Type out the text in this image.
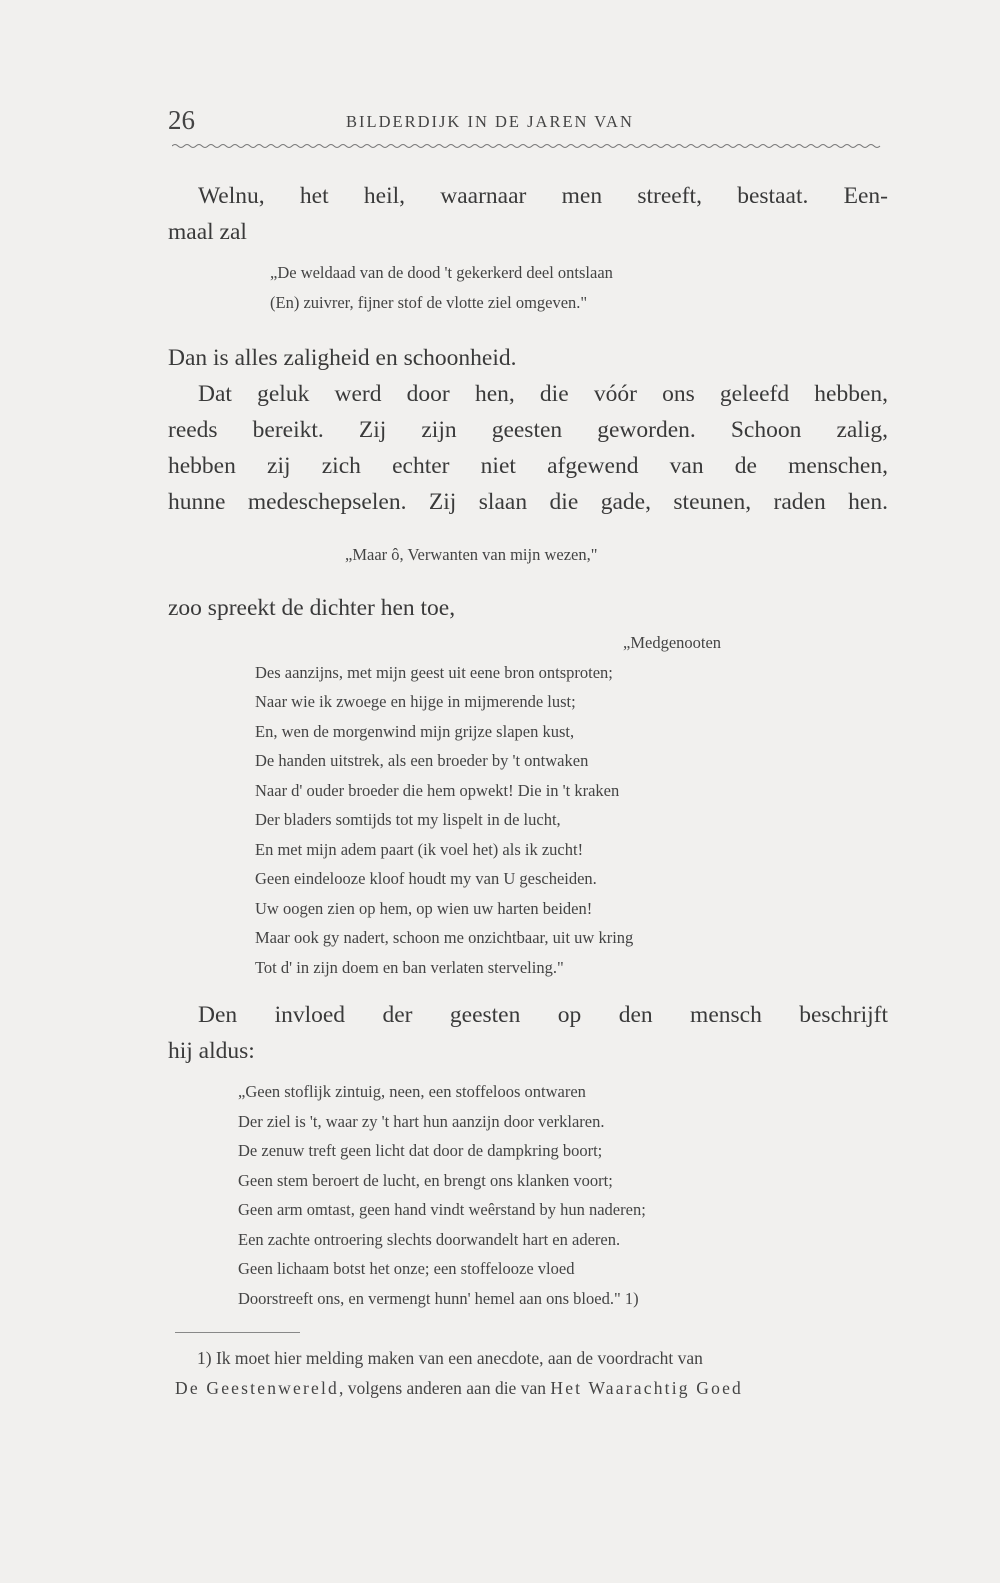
26	BILDERDIJK IN DE JAREN VAN
Welnu, het heil, waarnaar men streeft, bestaat. Een-
maal zal
„De weldaad van de dood 't gekerkerd deel ontslaan
(En) zuivrer, fijner stof de vlotte ziel omgeven."
Dan is alles zaligheid en schoonheid.
Dat geluk werd door hen, die vóór ons geleefd hebben,
reeds bereikt. Zij zijn geesten geworden. Schoon zalig,
hebben zij zich echter niet afgewend van de menschen,
hunne medeschepselen. Zij slaan die gade, steunen, raden hen.
„Maar ô, Verwanten van mijn wezen,"
zoo spreekt de dichter hen toe,
„Medgenooten
Des aanzijns, met mijn geest uit eene bron ontsproten;
Naar wie ik zwoege en hijge in mijmerende lust;
En, wen de morgenwind mijn grijze slapen kust,
De handen uitstrek, als een broeder by 't ontwaken
Naar d' ouder broeder die hem opwekt! Die in 't kraken
Der bladers somtijds tot my lispelt in de lucht,
En met mijn adem paart (ik voel het) als ik zucht!
Geen eindelooze kloof houdt my van U gescheiden.
Uw oogen zien op hem, op wien uw harten beiden!
Maar ook gy nadert, schoon me onzichtbaar, uit uw kring
Tot d' in zijn doem en ban verlaten sterveling."
Den invloed der geesten op den mensch beschrijft
hij aldus:
„Geen stoflijk zintuig, neen, een stoffeloos ontwaren
Der ziel is 't, waar zy 't hart hun aanzijn door verklaren.
De zenuw treft geen licht dat door de dampkring boort;
Geen stem beroert de lucht, en brengt ons klanken voort;
Geen arm omtast, geen hand vindt weêrstand by hun naderen;
Een zachte ontroering slechts doorwandelt hart en aderen.
Geen lichaam botst het onze; een stoffelooze vloed
Doorstreeft ons, en vermengt hunn' hemel aan ons bloed." 1)
1) Ik moet hier melding maken van een anecdote, aan de voordracht van
De Geestenwereld, volgens anderen aan die van Het Waarachtig Goed
